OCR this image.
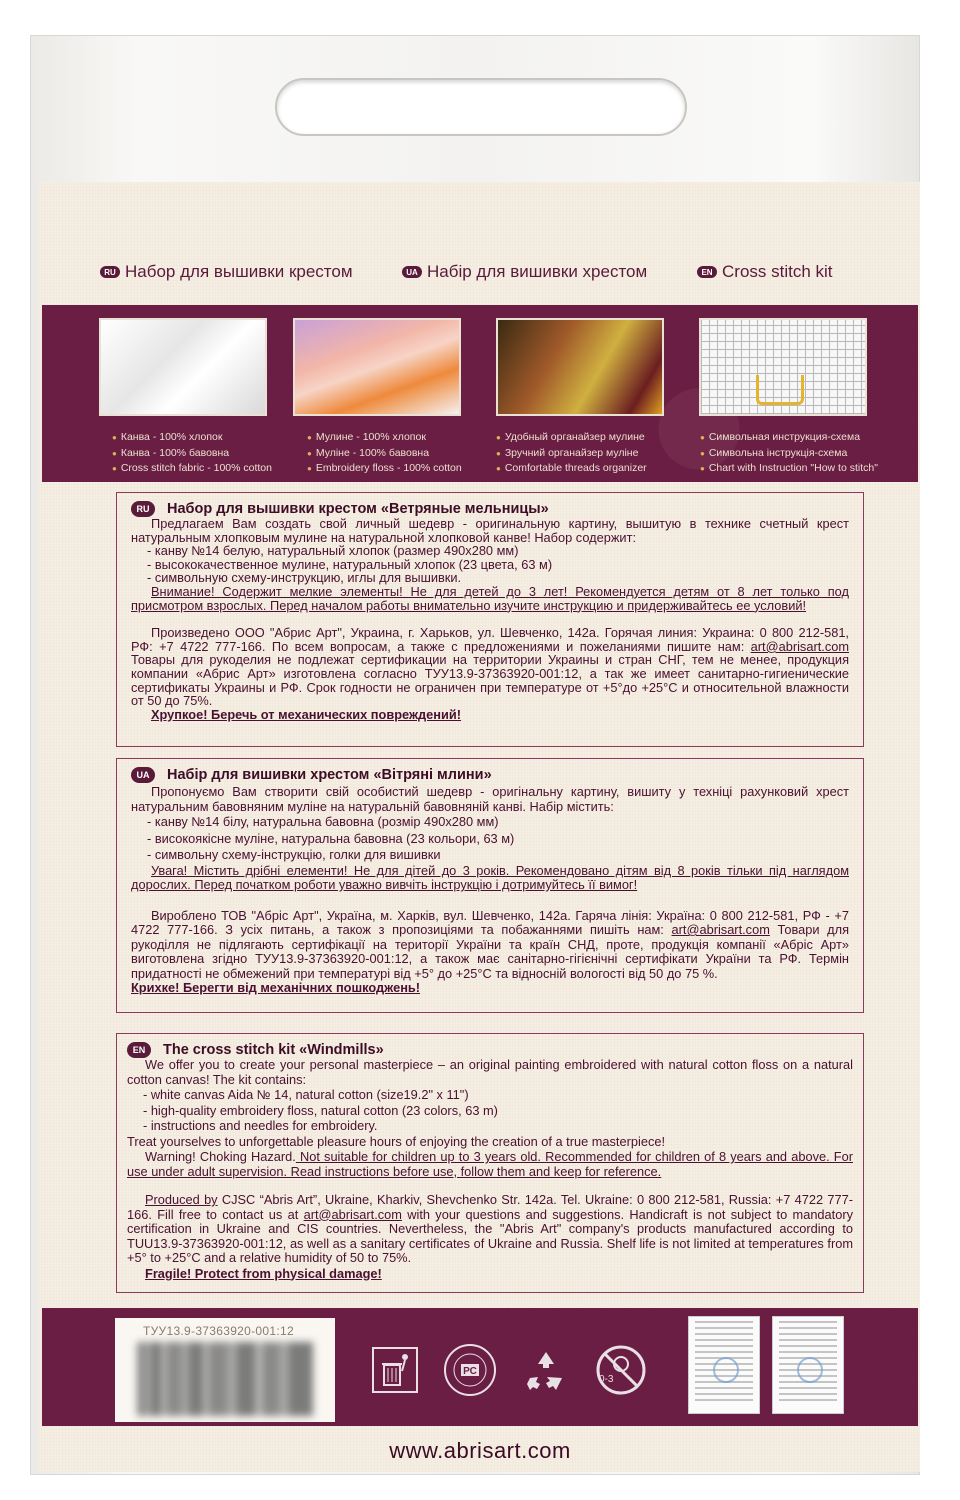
RU Набор для вышивки крестом	UA Набір для вишивки хрестом	EN Cross stitch kit
● Канва - 100% хлопок
● Канва - 100% бавовна
● Cross stitch fabric - 100% cotton
● Мулине - 100% хлопок
● Муліне - 100% бавовна
● Embroidery floss - 100% cotton
● Удобный органайзер мулине
● Зручний органайзер муліне
● Comfortable threads organizer
● Символьная инструкция-схема
● Символьна інструкція-схема
● Chart with Instruction "How to stitch"
RU	Набор для вышивки крестом «Ветряные мельницы»

Предлагаем Вам создать свой личный шедевр - оригинальную картину, вышитую в технике счетный крест натуральным хлопковым мулине на натуральной хлопковой канве! Набор содержит:

- канву №14 белую, натуральный хлопок (размер 490х280 мм)

- высококачественное мулине, натуральный хлопок (23 цвета, 63 м)

- символьную схему-инструкцию, иглы для вышивки.

Внимание! Содержит мелкие элементы! Не для детей до 3 лет! Рекомендуется детям от 8 лет только под присмотром взрослых. Перед началом работы внимательно изучите инструкцию и придерживайтесь ее условий!

Произведено ООО "Абрис Арт", Украина, г. Харьков, ул. Шевченко, 142а. Горячая линия: Украина: 0 800 212-581, РФ: +7 4722 777-166. По всем вопросам, а также с предложениями и пожеланиями пишите нам: art@abrisart.com Товары для рукоделия не подлежат сертификации на территории Украины и стран СНГ, тем не менее, продукция компании «Абрис Арт» изготовлена согласно ТУУ13.9-37363920-001:12, а так же имеет санитарно-гигиенические сертификаты Украины и РФ. Срок годности не ограничен при температуре от +5°до +25°С и относительной влажности от 50 до 75%.

Хрупкое! Беречь от механических повреждений!

UA	Набір для вишивки хрестом «Вітряні млини»

Пропонуємо Вам створити свій особистий шедевр - оригінальну картину, вишиту у техніці рахунковий хрест натуральним бавовняним муліне на натуральній бавовняній канві. Набір містить:

- канву №14 білу, натуральна бавовна (розмір 490х280 мм)

- високоякісне муліне, натуральна бавовна (23 кольори, 63 м)

- символьну схему-інструкцію, голки для вишивки

Увага! Містить дрібні елементи! Не для дітей до 3 років. Рекомендовано дітям від 8 років тільки під наглядом дорослих. Перед початком роботи уважно вивчіть інструкцію і дотримуйтесь її вимог!

Вироблено ТОВ "Абріс Арт", Україна, м. Харків, вул. Шевченко, 142а. Гаряча лінія: Україна: 0 800 212-581, РФ - +7 4722 777-166. З усіх питань, а також з пропозиціями та побажаннями пишіть нам: art@abrisart.com Товари для рукоділля не підлягають сертифікації на території України та країн СНД, проте, продукція компанії «Абріс Арт» виготовлена згідно ТУУ13.9-37363920-001:12, а також має санітарно-гігієнічні сертифікати України та РФ. Термін придатності не обмежений при температурі від +5° до +25°С та відносній вологості від 50 до 75 %.

Крихке! Берегти від механічних пошкоджень!

EN	The cross stitch kit «Windmills»

We offer you to create your personal masterpiece – an original painting embroidered with natural cotton floss on a natural cotton canvas! The kit contains:

- white canvas Aida № 14, natural cotton (size19.2" x 11")

- high-quality embroidery floss, natural cotton (23 colors, 63 m)

- instructions and needles for embroidery.

Treat yourselves to unforgettable pleasure hours of enjoying the creation of a true masterpiece!

Warning! Choking Hazard. Not suitable for children up to 3 years old. Recommended for children of 8 years and above. For use under adult supervision. Read instructions before use, follow them and keep for reference.

Produced by CJSC “Abris Art”, Ukraine, Kharkiv, Shevchenko Str. 142a. Tel. Ukraine: 0 800 212-581, Russia: +7 4722 777-166. Fill free to contact us at art@abrisart.com with your questions and suggestions. Handicraft is not subject to mandatory certification in Ukraine and CIS countries. Nevertheless, the "Abris Art" company's products manufactured according to TUU13.9-37363920-001:12, as well as a sanitary certificates of Ukraine and Russia. Shelf life is not limited at temperatures from +5° to +25°C and a relative humidity of 50 to 75%.

Fragile! Protect from physical damage!

ТУУ13.9-37363920-001:12
РС
0-3
www.abrisart.com
